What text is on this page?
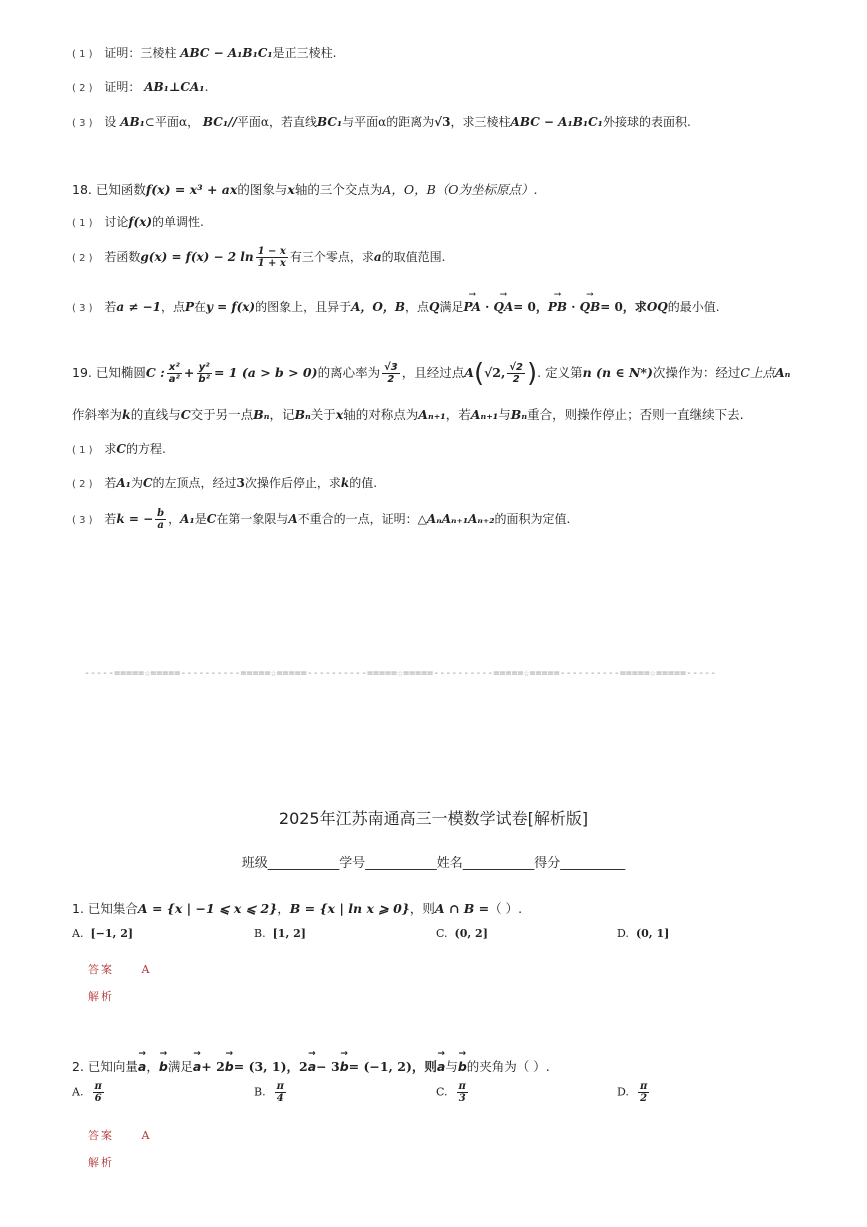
( 1 ) 证明：三棱柱 ABC − A₁B₁C₁是正三棱柱.
( 2 ) 证明： AB₁⊥CA₁.
( 3 ) 设 AB₁⊂平面α， BC₁//平面α，若直线BC₁与平面α的距离为√3，求三棱柱ABC − A₁B₁C₁外接球的表面积.
18. 已知函数f(x) = x³ + ax的图象与x轴的三个交点为A，O，B（O为坐标原点）.
( 1 ) 讨论f(x)的单调性.
( 2 ) 若函数g(x) = f(x) − 2 $\ln \frac{1 - x}{1 + x}$ 有三个零点，求a的取值范围.
( 3 ) 若a ≠ −1，点P在y = f(x)的图象上，且异于A，O，B，点Q满足→ PA · → QA= 0，→ PB · → QB= 0，求OQ的最小值.
19. 已知椭圆C : $\frac{\text{x²}}{\text{a²}} + \frac{\text{y²}}{\text{b²}} = 1$ (a > b > 0)的离心率为 $\frac{√3}{2}$ ，且经过点A(√2, $\frac{√2}{2}$ ). 定义第n (n ∈ N*)次操作为：经过C上点Aₙ
作斜率为k的直线与C交于另一点Bₙ，记Bₙ关于x轴的对称点为Aₙ₊₁，若Aₙ₊₁与Bₙ重合，则操作停止；否则一直继续下去.
( 1 ) 求C的方程.
( 2 ) 若A₁为C的左顶点，经过3次操作后停止，求k的值.
( 3 ) 若k = − $\frac{b}{a}$ ，A₁是C在第一象限与A不重合的一点，证明：△AₙAₙ₊₁Aₙ₊₂的面积为定值.
-----=====☆=====----------=====☆=====----------=====☆=====----------=====☆=====----------=====☆=====-----
2025年江苏南通高三一模数学试卷[解析版]
班级___________学号___________姓名___________得分__________
1. 已知集合A = {x | −1 ⩽ x ⩽ 2}，B = {x | ln x ⩾ 0}，则A ∩ B =（ ）.
A. [−1, 2]	B. [1, 2]	C. (0, 2]	D. (0, 1]
答案 A
解析
2. 已知向量→ a，→ b满足→ a+ 2→ b= (3, 1)，2→ a− 3→ b= (−1, 2)，则→ a与→ b的夹角为（ ）.
A. $\frac{\pi}{6}$	B. $\frac{\pi}{4}$	C. $\frac{\pi}{3}$	D. $\frac{\pi}{2}$
答案 A
解析
